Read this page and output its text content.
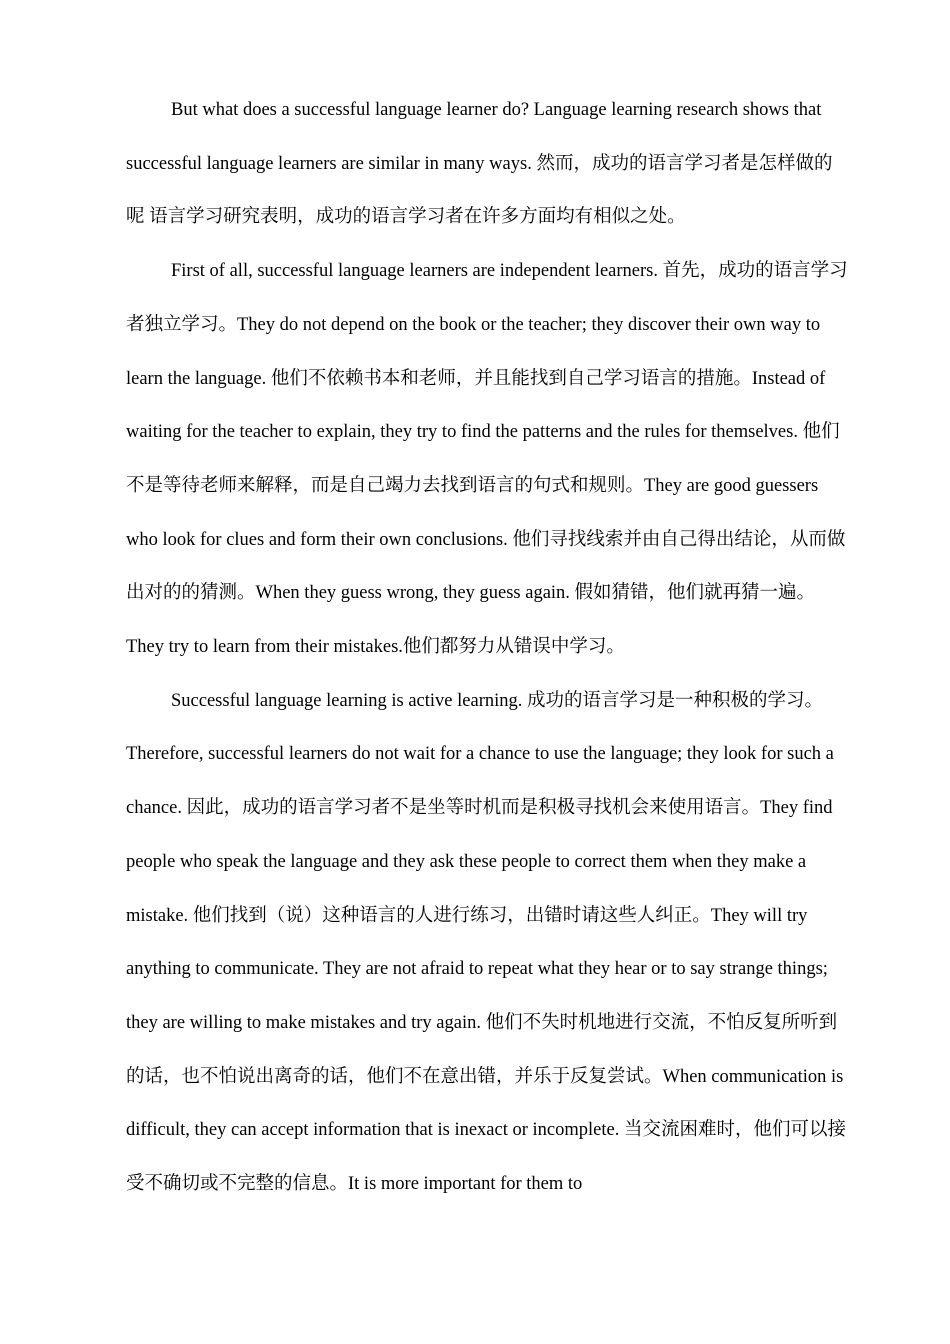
But what does a successful language learner do? Language learning research shows that successful language learners are similar in many ways. 然而，成功的语言学习者是怎样做的呢 语言学习研究表明，成功的语言学习者在许多方面均有相似之处。

First of all, successful language learners are independent learners. 首先，成功的语言学习者独立学习。They do not depend on the book or the teacher; they discover their own way to learn the language. 他们不依赖书本和老师，并且能找到自己学习语言的措施。Instead of waiting for the teacher to explain, they try to find the patterns and the rules for themselves. 他们不是等待老师来解释，而是自己竭力去找到语言的句式和规则。They are good guessers who look for clues and form their own conclusions. 他们寻找线索并由自己得出结论，从而做出对的的猜测。When they guess wrong, they guess again. 假如猜错，他们就再猜一遍。They try to learn from their mistakes.他们都努力从错误中学习。

Successful language learning is active learning. 成功的语言学习是一种积极的学习。Therefore, successful learners do not wait for a chance to use the language; they look for such a chance. 因此，成功的语言学习者不是坐等时机而是积极寻找机会来使用语言。They find people who speak the language and they ask these people to correct them when they make a mistake. 他们找到（说）这种语言的人进行练习，出错时请这些人纠正。They will try anything to communicate. They are not afraid to repeat what they hear or to say strange things; they are willing to make mistakes and try again. 他们不失时机地进行交流，不怕反复所听到的话，也不怕说出离奇的话，他们不在意出错，并乐于反复尝试。When communication is difficult, they can accept information that is inexact or incomplete. 当交流困难时，他们可以接受不确切或不完整的信息。It is more important for them to
